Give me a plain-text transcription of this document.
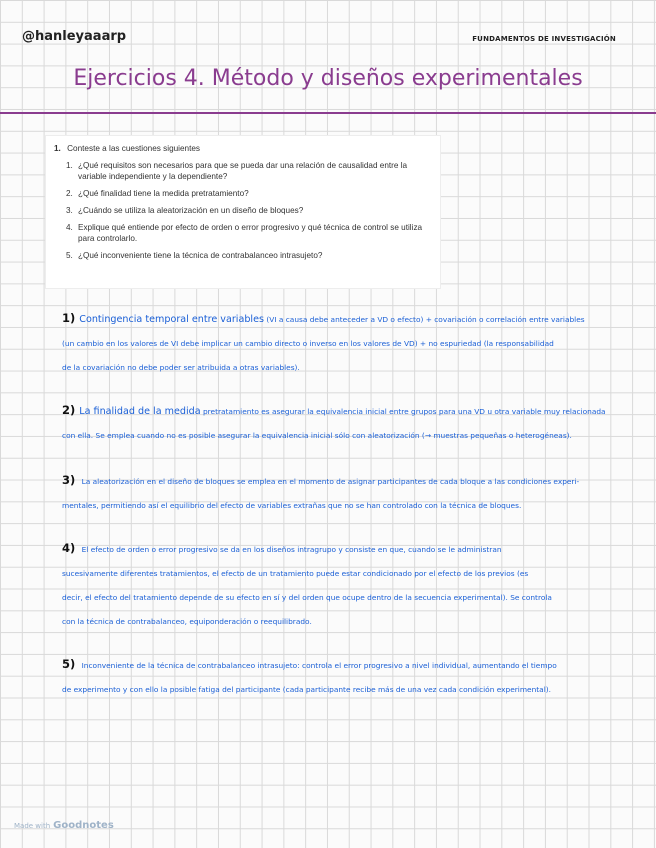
@hanleyaaarp	FUNDAMENTOS DE INVESTIGACIÓN
Ejercicios 4. Método y diseños experimentales
1. Conteste a las cuestiones siguientes
1. ¿Qué requisitos son necesarios para que se pueda dar una relación de causalidad entre la variable independiente y la dependiente?
2. ¿Qué finalidad tiene la medida pretratamiento?
3. ¿Cuándo se utiliza la aleatorización en un diseño de bloques?
4. Explique qué entiende por efecto de orden o error progresivo y qué técnica de control se utiliza para controlarlo.
5. ¿Qué inconveniente tiene la técnica de contrabalanceo intrasujeto?
1) Contingencia temporal entre variables (VI a causa debe anteceder a VD o efecto) + covariación o correlación entre variables
(un cambio en los valores de VI debe implicar un cambio directo o inverso en los valores de VD) + no espuriedad (la responsabilidad
de la covariación no debe poder ser atribuida a otras variables).
2) La finalidad de la medida pretratamiento es asegurar la equivalencia inicial entre grupos para una VD u otra variable muy relacionada
con ella. Se emplea cuando no es posible asegurar la equivalencia inicial sólo con aleatorización (→ muestras pequeñas o heterogéneas).
3) La aleatorización en el diseño de bloques se emplea en el momento de asignar participantes de cada bloque a las condiciones experi-
mentales, permitiendo así el equilibrio del efecto de variables extrañas que no se han controlado con la técnica de bloques.
4) El efecto de orden o error progresivo se da en los diseños intragrupo y consiste en que, cuando se le administran
sucesivamente diferentes tratamientos, el efecto de un tratamiento puede estar condicionado por el efecto de los previos (es
decir, el efecto del tratamiento depende de su efecto en sí y del orden que ocupe dentro de la secuencia experimental). Se controla
con la técnica de contrabalanceo, equiponderación o reequilibrado.
5) Inconveniente de la técnica de contrabalanceo intrasujeto: controla el error progresivo a nivel individual, aumentando el tiempo
de experimento y con ello la posible fatiga del participante (cada participante recibe más de una vez cada condición experimental).
Made with Goodnotes
